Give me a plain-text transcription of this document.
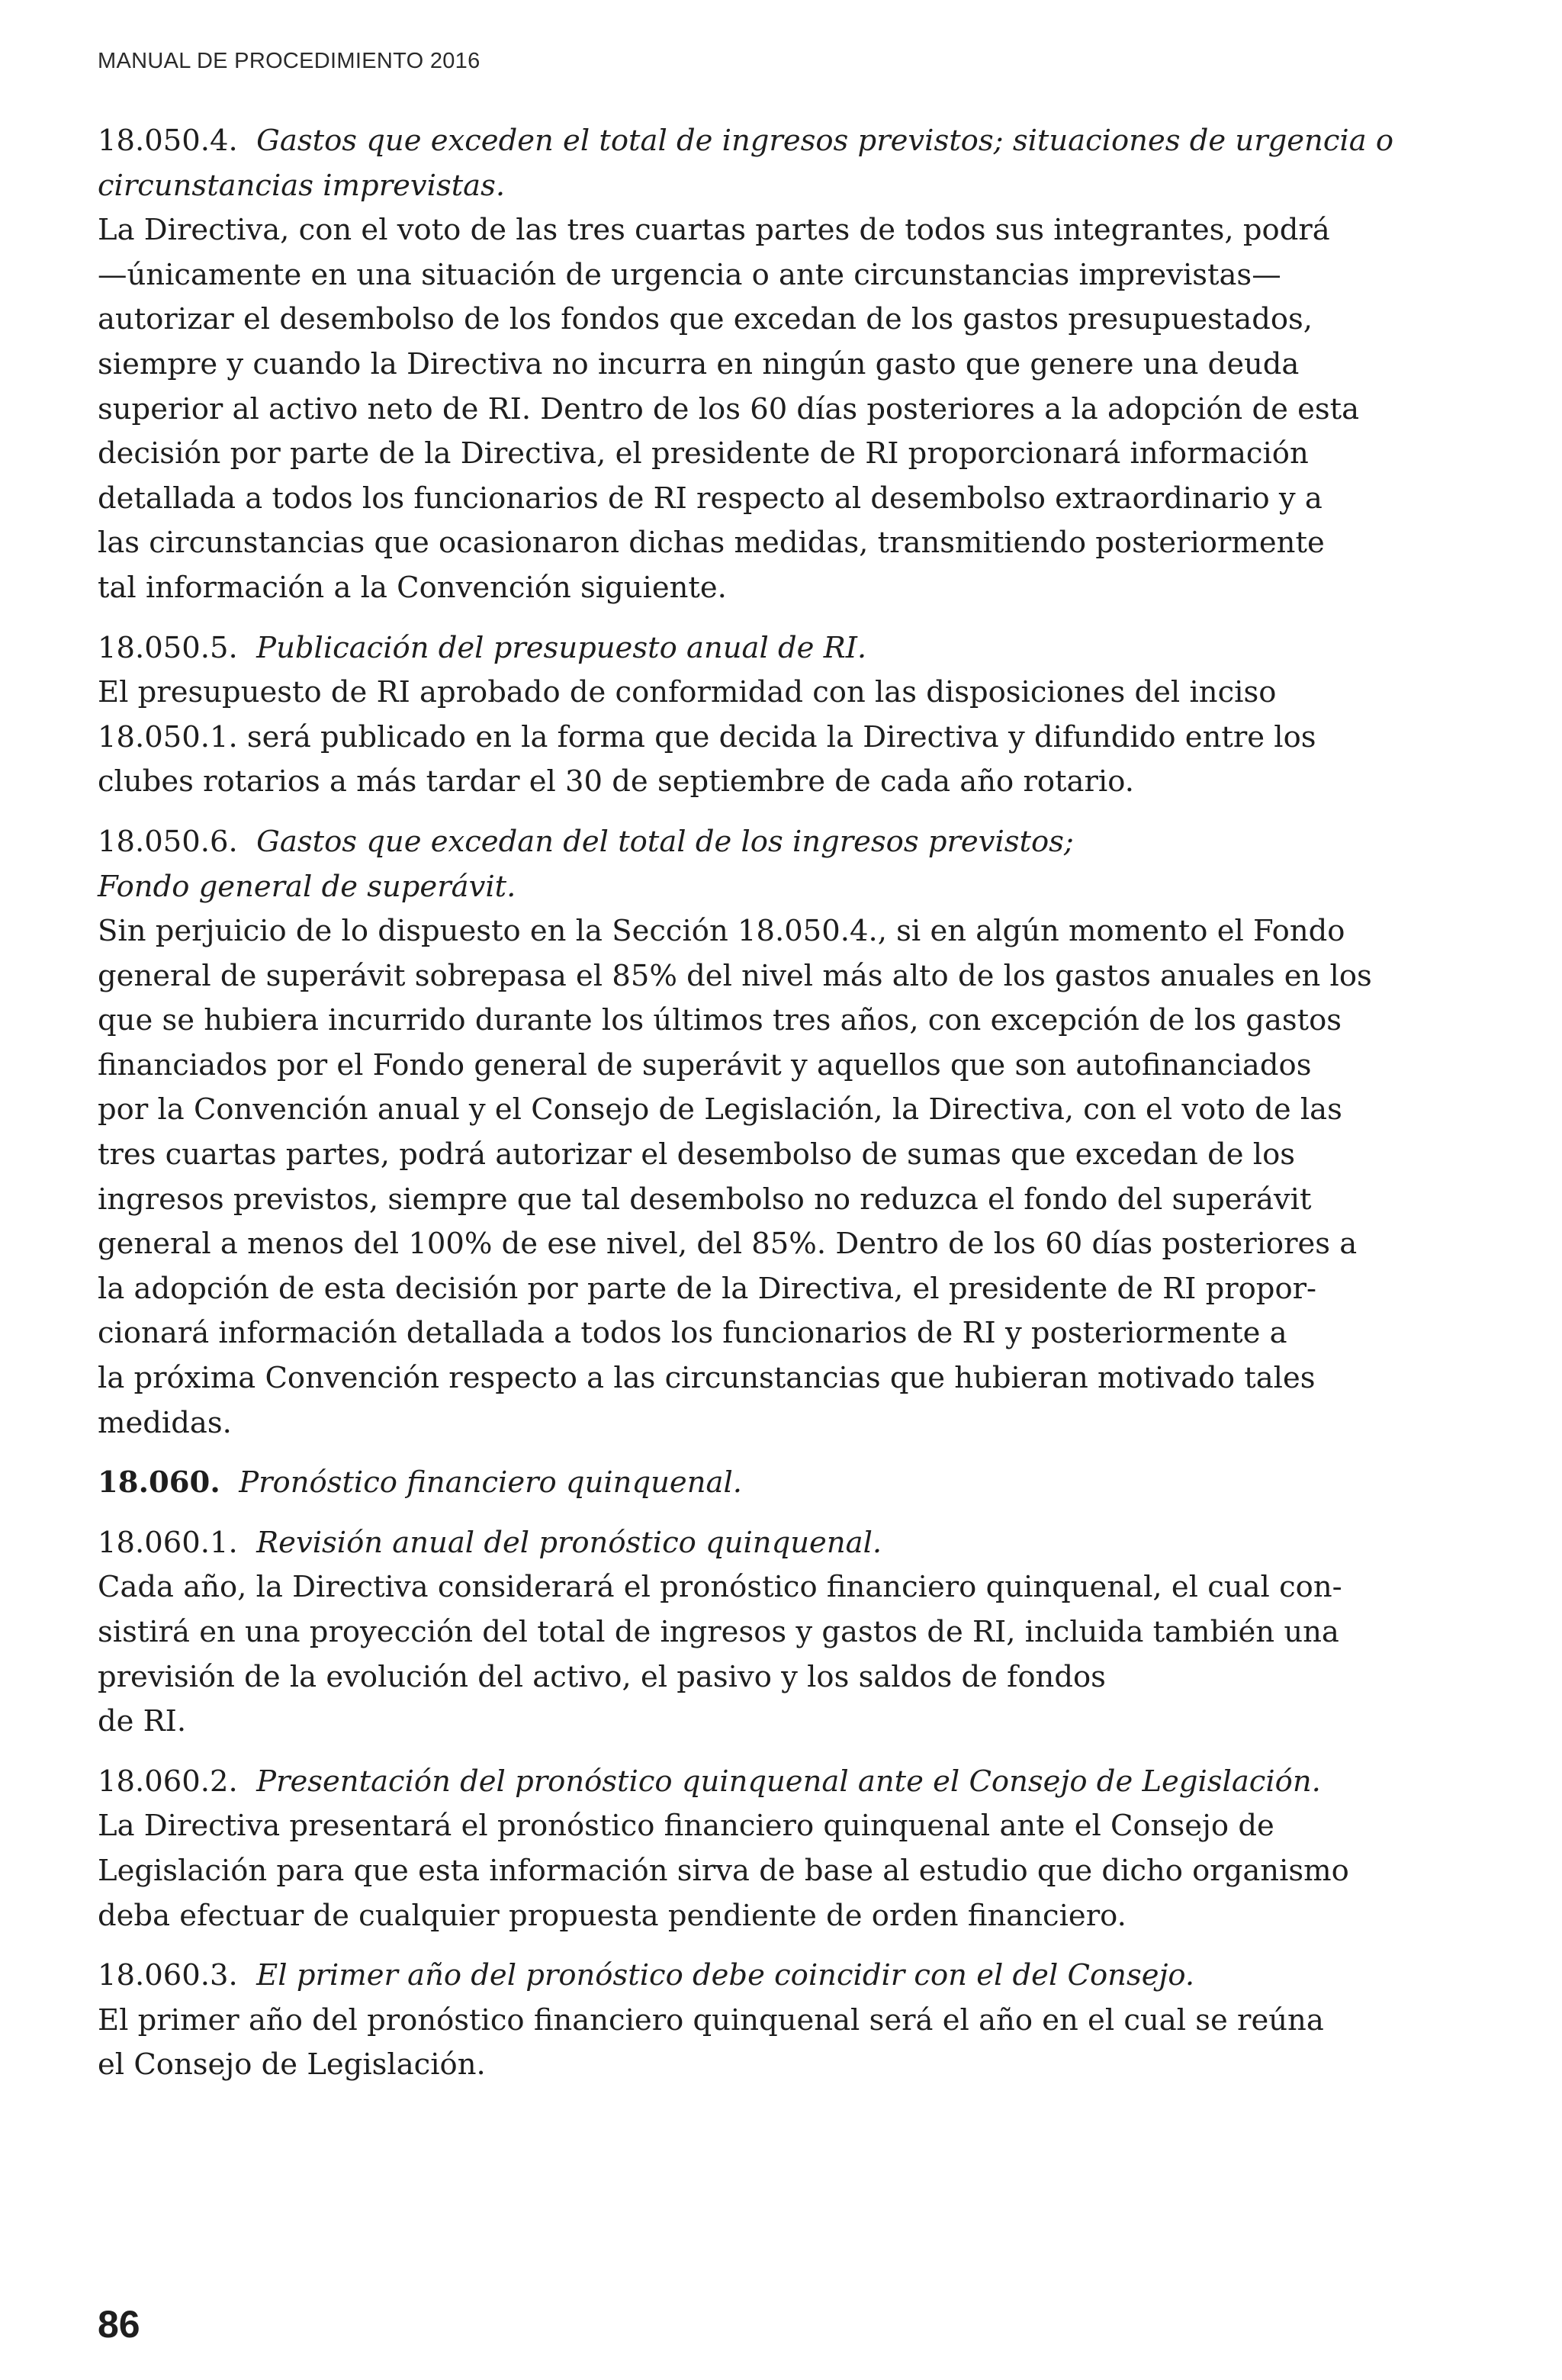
MANUAL DE PROCEDIMIENTO 2016

18.050.4. Gastos que exceden el total de ingresos previstos; situaciones de urgencia o circunstancias imprevistas.

La Directiva, con el voto de las tres cuartas partes de todos sus integrantes, podrá

—únicamente en una situación de urgencia o ante circunstancias imprevistas—

autorizar el desembolso de los fondos que excedan de los gastos presupuestados,

siempre y cuando la Directiva no incurra en ningún gasto que genere una deuda

superior al activo neto de RI. Dentro de los 60 días posteriores a la adopción de esta

decisión por parte de la Directiva, el presidente de RI proporcionará información

detallada a todos los funcionarios de RI respecto al desembolso extraordinario y a

las circunstancias que ocasionaron dichas medidas, transmitiendo posteriormente

tal información a la Convención siguiente.

18.050.5. Publicación del presupuesto anual de RI.

El presupuesto de RI aprobado de conformidad con las disposiciones del inciso

18.050.1. será publicado en la forma que decida la Directiva y difundido entre los

clubes rotarios a más tardar el 30 de septiembre de cada año rotario.

18.050.6. Gastos que excedan del total de los ingresos previstos;

Fondo general de superávit.

Sin perjuicio de lo dispuesto en la Sección 18.050.4., si en algún momento el Fondo

general de superávit sobrepasa el 85% del nivel más alto de los gastos anuales en los

que se hubiera incurrido durante los últimos tres años, con excepción de los gastos

financiados por el Fondo general de superávit y aquellos que son autofinanciados

por la Convención anual y el Consejo de Legislación, la Directiva, con el voto de las

tres cuartas partes, podrá autorizar el desembolso de sumas que excedan de los

ingresos previstos, siempre que tal desembolso no reduzca el fondo del superávit

general a menos del 100% de ese nivel, del 85%. Dentro de los 60 días posteriores a

la adopción de esta decisión por parte de la Directiva, el presidente de RI propor-

cionará información detallada a todos los funcionarios de RI y posteriormente a

la próxima Convención respecto a las circunstancias que hubieran motivado tales

medidas.

18.060. Pronóstico financiero quinquenal.

18.060.1. Revisión anual del pronóstico quinquenal.

Cada año, la Directiva considerará el pronóstico financiero quinquenal, el cual con-

sistirá en una proyección del total de ingresos y gastos de RI, incluida también una

previsión de la evolución del activo, el pasivo y los saldos de fondos

de RI.

18.060.2. Presentación del pronóstico quinquenal ante el Consejo de Legislación.

La Directiva presentará el pronóstico financiero quinquenal ante el Consejo de

Legislación para que esta información sirva de base al estudio que dicho organismo

deba efectuar de cualquier propuesta pendiente de orden financiero.

18.060.3. El primer año del pronóstico debe coincidir con el del Consejo.

El primer año del pronóstico financiero quinquenal será el año en el cual se reúna

el Consejo de Legislación.

86
